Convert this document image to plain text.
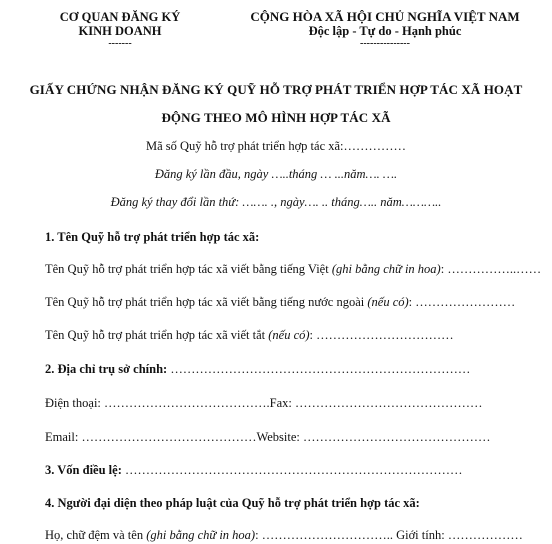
CƠ QUAN ĐĂNG KÝ
KINH DOANH
-------
CỘNG HÒA XÃ HỘI CHỦ NGHĨA VIỆT NAM
Độc lập - Tự do - Hạnh phúc
---------------
GIẤY CHỨNG NHẬN ĐĂNG KÝ QUỸ HỖ TRỢ PHÁT TRIỂN HỢP TÁC XÃ HOẠT
ĐỘNG THEO MÔ HÌNH HỢP TÁC XÃ
Mã số Quỹ hỗ trợ phát triển hợp tác xã:……………
Đăng ký lần đầu, ngày …..tháng … ...năm…. ….
Đăng ký thay đổi lần thứ: ……. ., ngày…. .. tháng….. năm………..
1. Tên Quỹ hỗ trợ phát triển hợp tác xã:
Tên Quỹ hỗ trợ phát triển hợp tác xã viết bằng tiếng Việt (ghi bằng chữ in hoa): ……………..……
Tên Quỹ hỗ trợ phát triển hợp tác xã viết bằng tiếng nước ngoài (nếu có): ……………………
Tên Quỹ hỗ trợ phát triển hợp tác xã viết tắt (nếu có): ……………………………
2. Địa chỉ trụ sở chính: ………………………………………………………………
Điện thoại: ………………………………….Fax: ………………………………………
Email: ……………………………………Website: ………………………………………
3. Vốn điều lệ: ………………………………………………………………………
4. Người đại diện theo pháp luật của Quỹ hỗ trợ phát triển hợp tác xã:
Họ, chữ đệm và tên (ghi bằng chữ in hoa): ………………………….. Giới tính: ………………
